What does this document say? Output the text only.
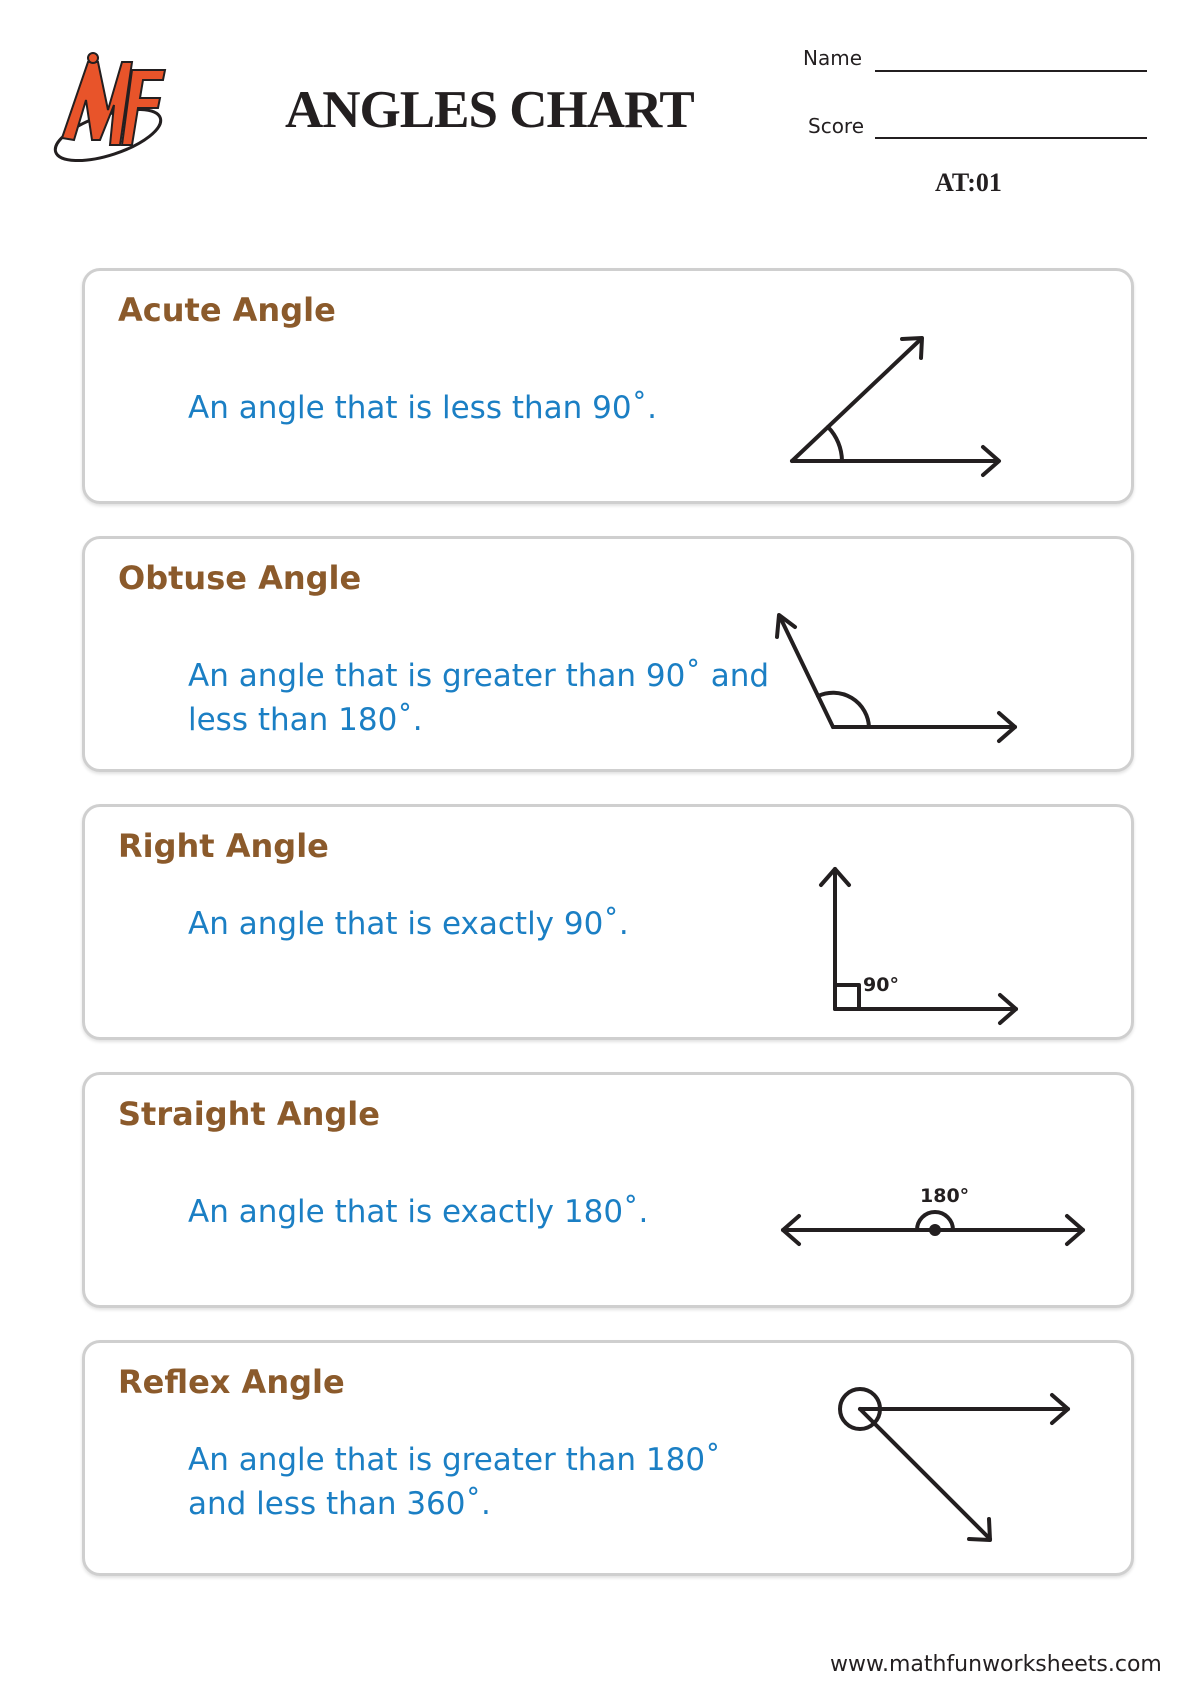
ANGLES CHART
Name
Score
AT:01
Acute Angle
An angle that is less than 90˚.
Obtuse Angle
An angle that is greater than 90˚ and less than 180˚.
Right Angle
An angle that is exactly 90˚.
90°
Straight Angle
An angle that is exactly 180˚.	180°
Reflex Angle
An angle that is greater than 180˚ and less than 360˚.
www.mathfunworksheets.com
